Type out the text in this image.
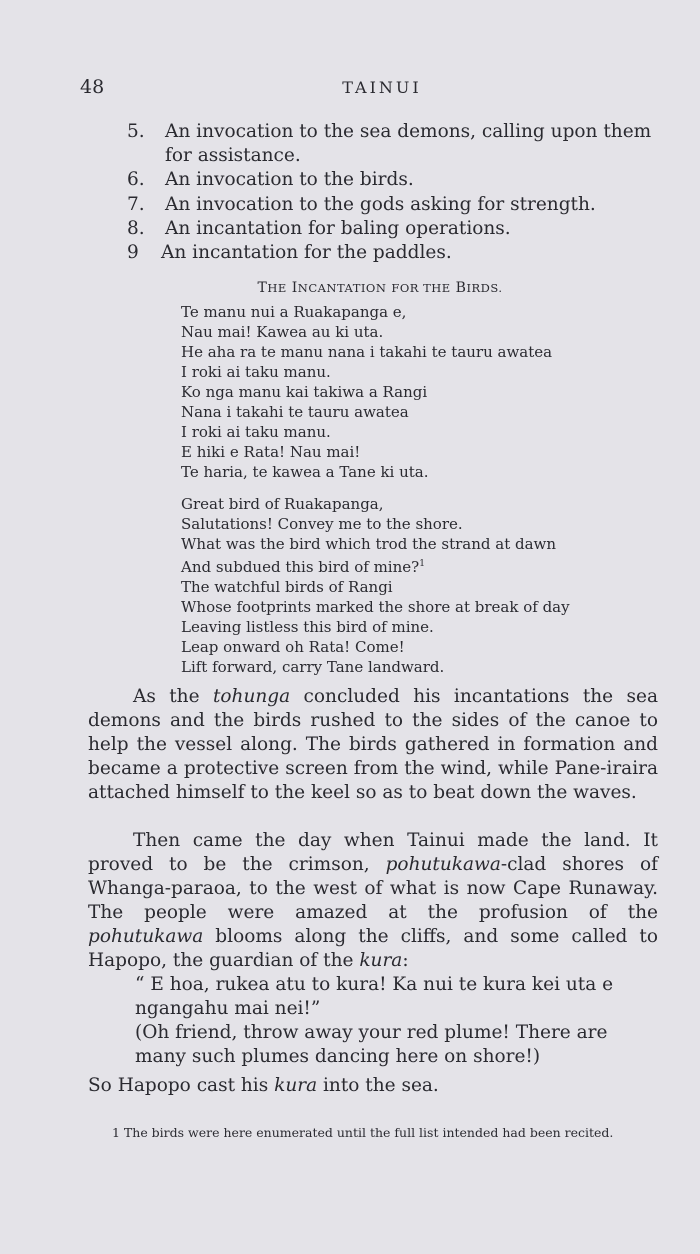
48	TAINUI
5.	An invocation to the sea demons, calling upon them
for assistance.
6.	An invocation to the birds.
7.	An invocation to the gods asking for strength.
8.	An incantation for baling operations.
9	An incantation for the paddles.
THE INCANTATION FOR THE BIRDS.
Te manu nui a Ruakapanga e,
Nau mai! Kawea au ki uta.
He aha ra te manu nana i takahi te tauru awatea
I roki ai taku manu.
Ko nga manu kai takiwa a Rangi
Nana i takahi te tauru awatea
I roki ai taku manu.
E hiki e Rata! Nau mai!
Te haria, te kawea a Tane ki uta.
Great bird of Ruakapanga,
Salutations! Convey me to the shore.
What was the bird which trod the strand at dawn
And subdued this bird of mine?$^1$
The watchful birds of Rangi
Whose footprints marked the shore at break of day
Leaving listless this bird of mine.
Leap onward oh Rata! Come!
Lift forward, carry Tane landward.
As the tohunga concluded his incantations the sea demons and the birds rushed to the sides of the canoe to help the vessel along. The birds gathered in formation and became a protective screen from the wind, while Pane-iraira attached himself to the keel so as to beat down the waves.
Then came the day when Tainui made the land. It proved to be the crimson, pohutukawa-clad shores of Whanga-paraoa, to the west of what is now Cape Runaway. The people were amazed at the profusion of the pohutukawa blooms along the cliffs, and some called to Hapopo, the guardian of the kura:
“ E hoa, rukea atu to kura! Ka nui te kura kei uta e ngangahu mai nei!”
(Oh friend, throw away your red plume! There are many such plumes dancing here on shore!)
So Hapopo cast his kura into the sea.
1 The birds were here enumerated until the full list intended had been recited.
